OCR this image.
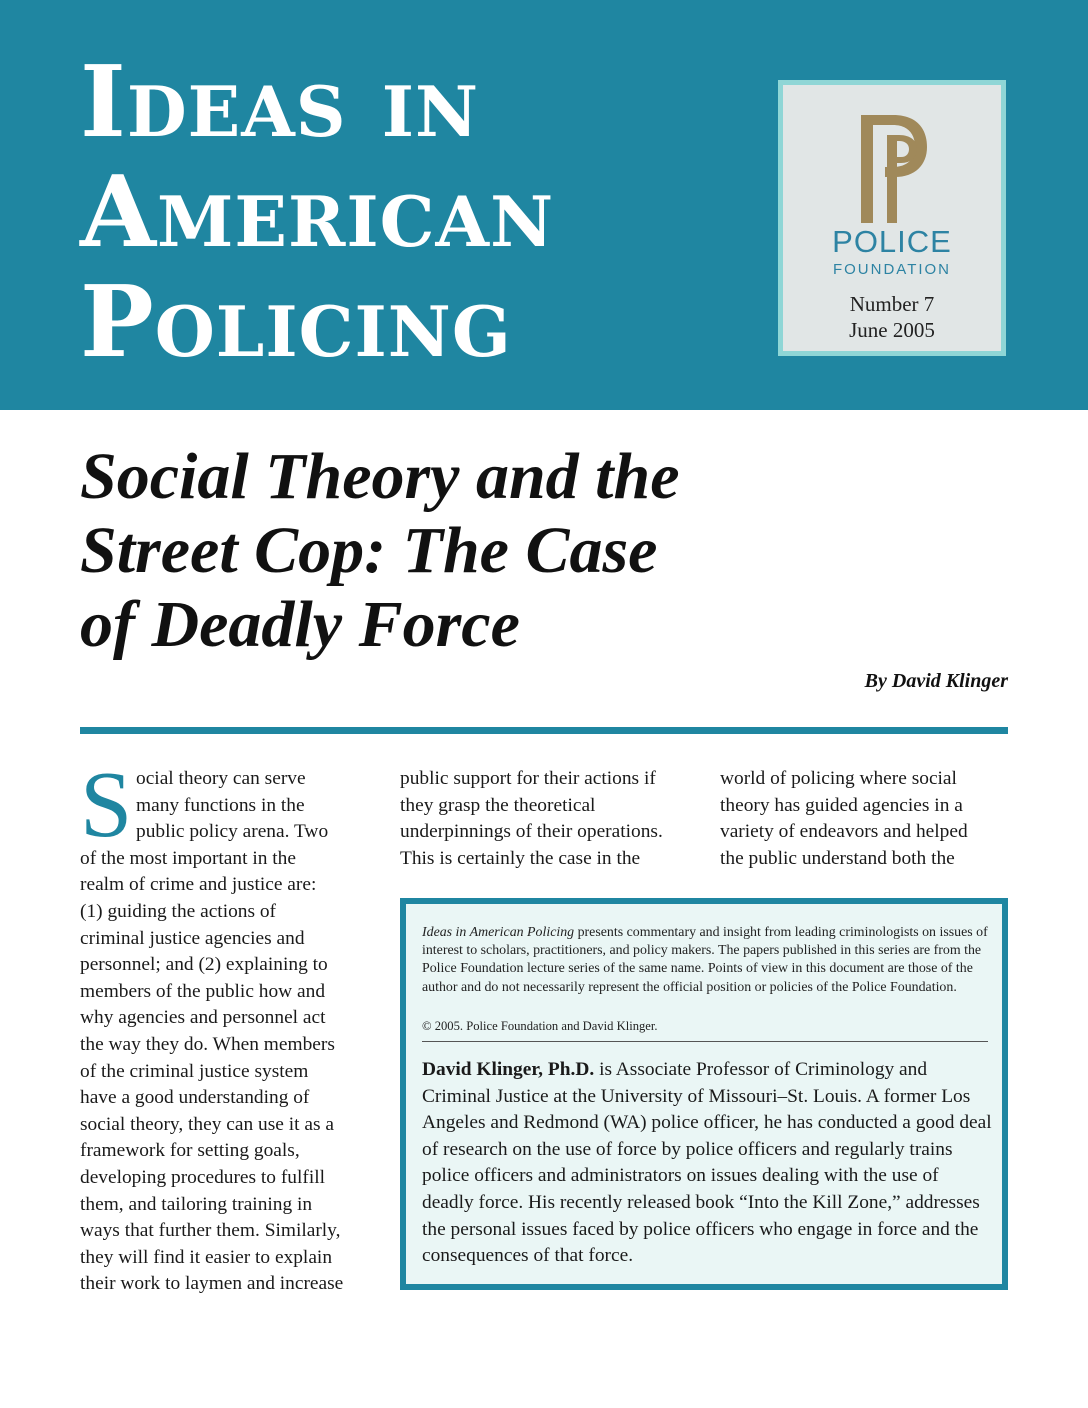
Ideas in
American
Policing
POLICE
FOUNDATION
Number 7
June 2005
Social Theory and the
Street Cop: The Case
of Deadly Force
By David Klinger
S ocial theory can serve
many functions in the
public policy arena. Two
of the most important in the
realm of crime and justice are:
(1) guiding the actions of
criminal justice agencies and
personnel; and (2) explaining to
members of the public how and
why agencies and personnel act
the way they do. When members
of the criminal justice system
have a good understanding of
social theory, they can use it as a
framework for setting goals,
developing procedures to fulfill
them, and tailoring training in
ways that further them. Similarly,
they will find it easier to explain
their work to laymen and increase
public support for their actions if
they grasp the theoretical
underpinnings of their operations.
This is certainly the case in the
world of policing where social
theory has guided agencies in a
variety of endeavors and helped
the public understand both the
Ideas in American Policing presents commentary and insight from leading criminologists on issues of interest to scholars, practitioners, and policy makers. The papers published in this series are from the Police Foundation lecture series of the same name. Points of view in this document are those of the author and do not necessarily represent the official position or policies of the Police Foundation.
© 2005. Police Foundation and David Klinger.
David Klinger, Ph.D. is Associate Professor of Criminology and Criminal Justice at the University of Missouri–St. Louis. A former Los Angeles and Redmond (WA) police officer, he has conducted a good deal of research on the use of force by police officers and regularly trains police officers and administrators on issues dealing with the use of deadly force. His recently released book “Into the Kill Zone,” addresses the personal issues faced by police officers who engage in force and the consequences of that force.
